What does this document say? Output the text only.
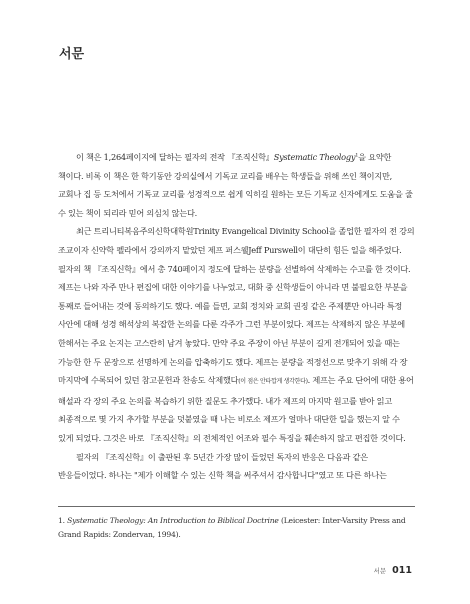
서문

이 책은 1,264페이지에 달하는 필자의 전작 『조직신학』Systematic Theology$^1$을 요약한 책이다. 비록 이 책은 한 학기동안 강의실에서 기독교 교리를 배우는 학생들을 위해 쓰인 책이지만, 교회나 집 등 도처에서 기독교 교리를 성경적으로 쉽게 익히길 원하는 모든 기독교 신자에게도 도움을 줄 수 있는 책이 되리라 믿어 의심치 않는다.

최근 트리니티복음주의신학대학원Trinity Evangelical Divinity School을 졸업한 필자의 전 강의 조교이자 신약학 펠라에서 강의까지 맡았던 제프 퍼스웰Jeff Purswell이 대단히 힘든 일을 해주었다. 필자의 책 『조직신학』에서 총 740페이지 정도에 달하는 분량을 선별하여 삭제하는 수고를 한 것이다. 제프는 나와 자주 만나 편집에 대한 이야기를 나누었고, 대화 중 신학생들이 아니라 면 불필요한 부분을 통째로 들어내는 것에 동의하기도 했다. 예를 들면, 교회 정치와 교회 권징 같은 주제뿐만 아니라 특정 사안에 대해 성경 해석상의 복잡한 논의를 다룬 각주가 그런 부분이었다. 제프는 삭제하지 않은 부분에 한해서는 주요 논지는 고스란히 남겨 놓았다. 만약 주요 주장이 아닌 부분이 길게 전개되어 있을 때는 가능한 한 두 문장으로 선명하게 논의를 압축하기도 했다. 제프는 분량을 적정선으로 맞추기 위해 각 장 마지막에 수록되어 있던 참고문헌과 찬송도 삭제했다(이 점은 안타깝게 생각한다). 제프는 주요 단어에 대한 용어 해설과 각 장의 주요 논의를 복습하기 위한 질문도 추가했다. 내가 제프의 마지막 원고를 받아 읽고 최종적으로 몇 가지 추가할 부분을 덧붙였을 때 나는 비로소 제프가 얼마나 대단한 일을 했는지 알 수 있게 되었다. 그것은 바로 『조직신학』의 전체적인 어조와 필수 특징을 훼손하지 않고 편집한 것이다.

필자의 『조직신학』이 출판된 후 5년간 가장 많이 들었던 독자의 반응은 다음과 같은 반응들이었다. 하나는 "제가 이해할 수 있는 신학 책을 써주셔서 감사합니다"였고 또 다른 하나는

1. Systematic Theology: An Introduction to Biblical Doctrine (Leicester: Inter-Varsity Press and Grand Rapids: Zondervan, 1994).

서문 011
